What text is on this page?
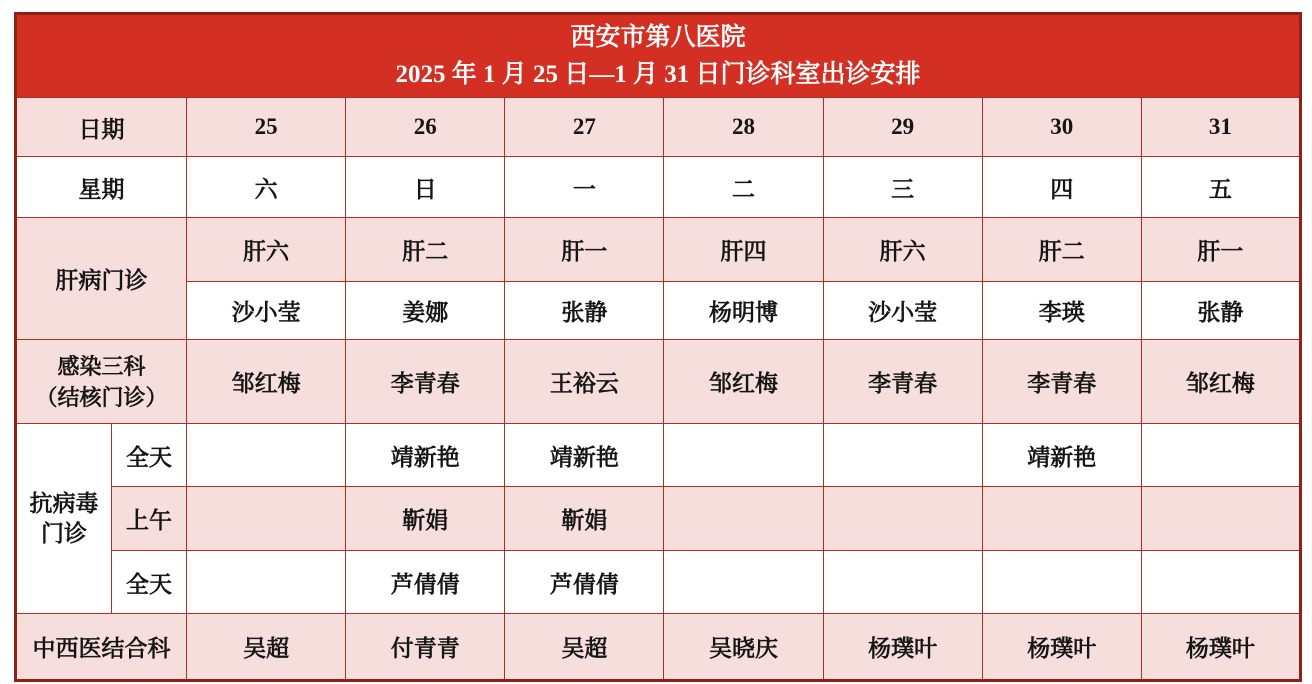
西安市第八医院
2025 年 1 月 25 日—1 月 31 日门诊科室出诊安排								

日期		25	26	27	28	29	30	31
星期		六	日	一	二	三	四	五
肝病门诊		肝六	肝二	肝一	肝四	肝六	肝二	肝一
		沙小莹	姜娜	张静	杨明博	沙小莹	李瑛	张静

感染三科
（结核门诊）		邹红梅	李青春	王裕云	邹红梅	李青春	李青春	邹红梅

抗病毒
门诊	全天		靖新艳	靖新艳			靖新艳	
	上午		靳娟	靳娟				
	全天		芦倩倩	芦倩倩				
中西医结合科		吴超	付青青	吴超	吴晓庆	杨璞叶	杨璞叶	杨璞叶
